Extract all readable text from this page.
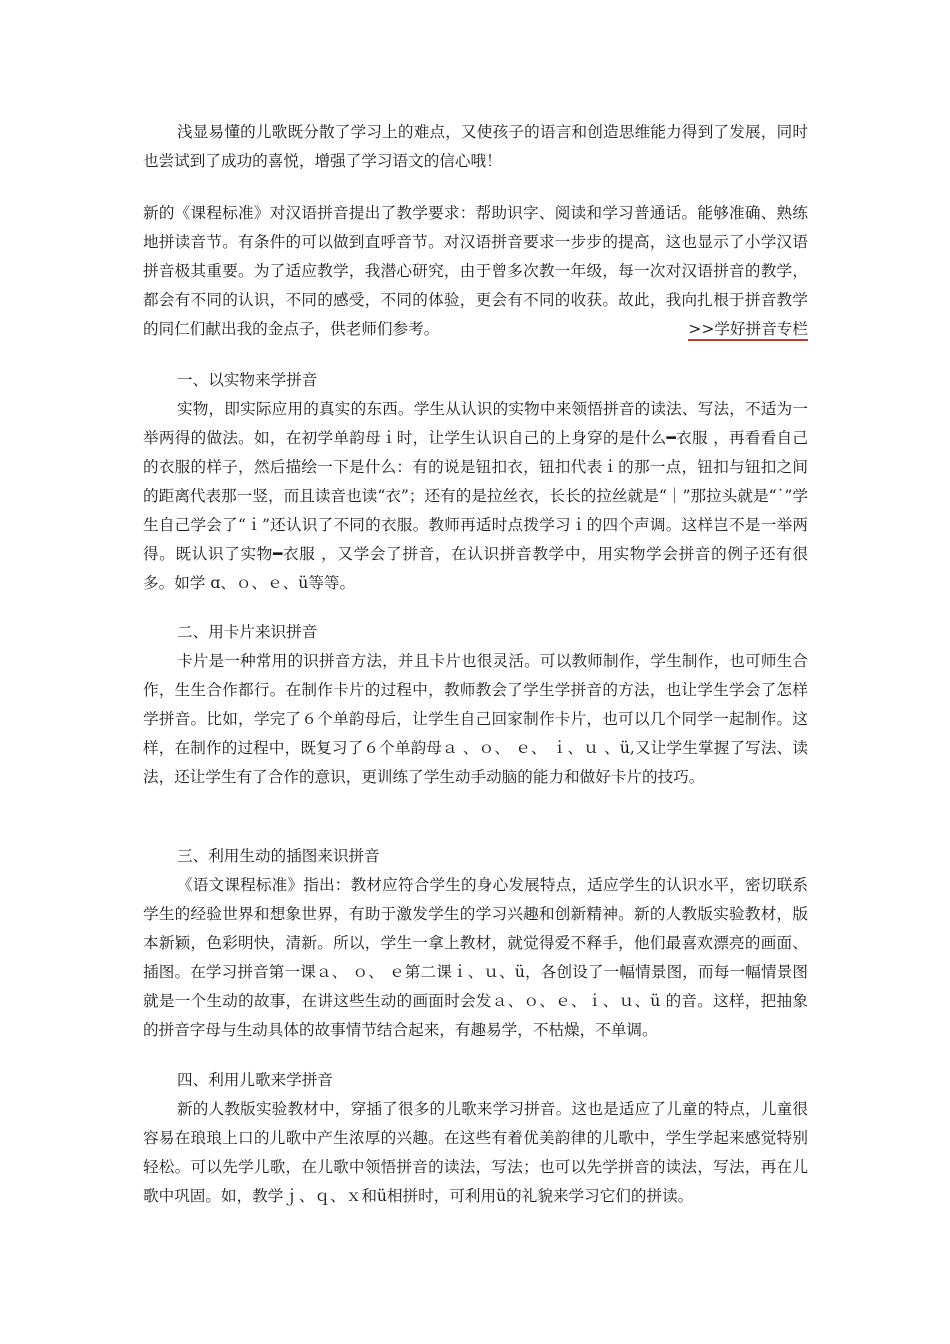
浅显易懂的儿歌既分散了学习上的难点，又使孩子的语言和创造思维能力得到了发展，同时也尝试到了成功的喜悦，增强了学习语文的信心哦！

新的《课程标准》对汉语拼音提出了教学要求：帮助识字、阅读和学习普通话。能够准确、熟练地拼读音节。有条件的可以做到直呼音节。对汉语拼音要求一步步的提高，这也显示了小学汉语拼音极其重要。为了适应教学，我潜心研究，由于曾多次教一年级，每一次对汉语拼音的教学，都会有不同的认识，不同的感受，不同的体验，更会有不同的收获。故此，我向扎根于拼音教学的同仁们献出我的金点子，供老师们参考。	>>学好拼音专栏

一、以实物来学拼音

实物，即实际应用的真实的东西。学生从认识的实物中来领悟拼音的读法、写法，不适为一举两得的做法。如，在初学单韵母ｉ时，让学生认识自己的上身穿的是什么━衣服 ，再看看自己的衣服的样子，然后描绘一下是什么：有的说是钮扣衣，钮扣代表ｉ的那一点，钮扣与钮扣之间的距离代表那一竖，而且读音也读“衣”；还有的是拉丝衣，长长的拉丝就是“｜”那拉头就是“˙”学生自己学会了“ｉ”还认识了不同的衣服。教师再适时点拨学习ｉ的四个声调。这样岂不是一举两得。既认识了实物━衣服 ，又学会了拼音，在认识拼音教学中，用实物学会拼音的例子还有很多。如学 ɑ、ｏ、ｅ、ü等等。

二、用卡片来识拼音

卡片是一种常用的识拼音方法，并且卡片也很灵活。可以教师制作，学生制作，也可师生合作，生生合作都行。在制作卡片的过程中，教师教会了学生学拼音的方法，也让学生学会了怎样学拼音。比如，学完了６个单韵母后，让学生自己回家制作卡片，也可以几个同学一起制作。这样，在制作的过程中，既复习了６个单韵母ａ 、ｏ、 ｅ、 ｉ、ｕ 、ü,又让学生掌握了写法、读法，还让学生有了合作的意识，更训练了学生动手动脑的能力和做好卡片的技巧。

三、利用生动的插图来识拼音

《语文课程标准》指出：教材应符合学生的身心发展特点，适应学生的认识水平，密切联系学生的经验世界和想象世界，有助于激发学生的学习兴趣和创新精神。新的人教版实验教材，版本新颖，色彩明快，清新。所以，学生一拿上教材，就觉得爱不释手，他们最喜欢漂亮的画面、插图。在学习拼音第一课ａ、 ｏ、 ｅ第二课ｉ、ｕ、ü，各创设了一幅情景图，而每一幅情景图就是一个生动的故事，在讲这些生动的画面时会发ａ、ｏ、ｅ、ｉ、ｕ、ü 的音。这样，把抽象的拼音字母与生动具体的故事情节结合起来，有趣易学，不枯燥，不单调。

四、利用儿歌来学拼音

新的人教版实验教材中，穿插了很多的儿歌来学习拼音。这也是适应了儿童的特点，儿童很容易在琅琅上口的儿歌中产生浓厚的兴趣。在这些有着优美韵律的儿歌中，学生学起来感觉特别轻松。可以先学儿歌，在儿歌中领悟拼音的读法，写法；也可以先学拼音的读法，写法，再在儿歌中巩固。如，教学ｊ、ｑ、ｘ和ü相拼时，可利用ü的礼貌来学习它们的拼读。
